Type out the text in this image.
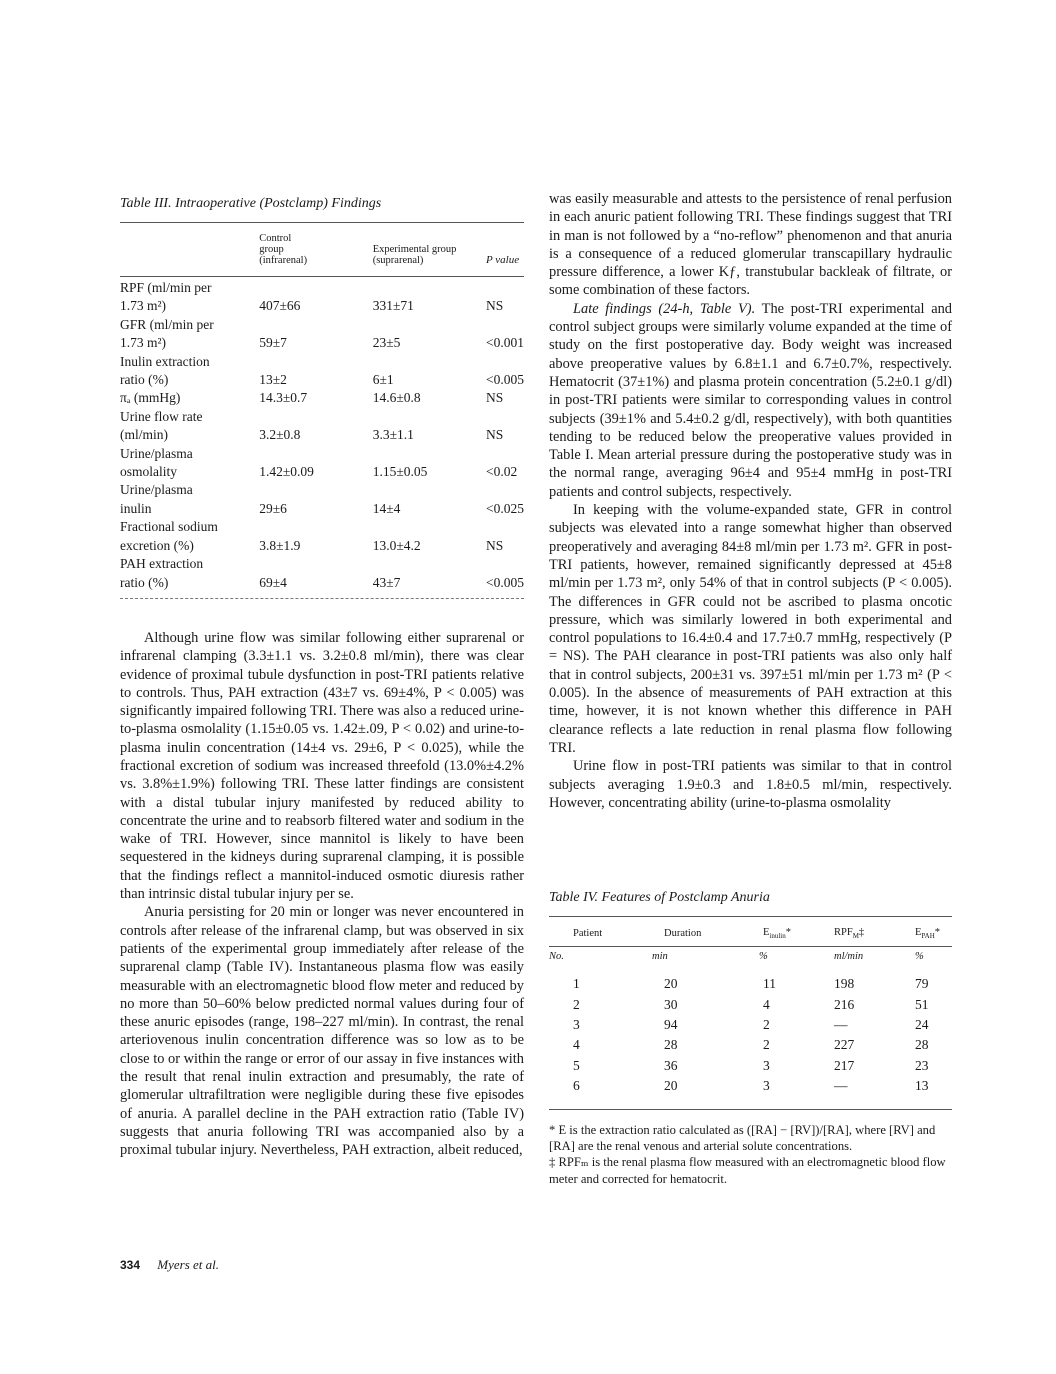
Table III. Intraoperative (Postclamp) Findings

	Control
group
(infrarenal)	Experimental group
(suprarenal)	P value
RPF (ml/min per			
1.73 m²)	407±66	331±71	NS
GFR (ml/min per			
1.73 m²)	59±7	23±5	<0.001
Inulin extraction			
ratio (%)	13±2	6±1	<0.005
πₐ (mmHg)	14.3±0.7	14.6±0.8	NS
Urine flow rate			
(ml/min)	3.2±0.8	3.3±1.1	NS
Urine/plasma			
osmolality	1.42±0.09	1.15±0.05	<0.02
Urine/plasma			
inulin	29±6	14±4	<0.025
Fractional sodium			
excretion (%)	3.8±1.9	13.0±4.2	NS
PAH extraction			
ratio (%)	69±4	43±7	<0.005

Although urine flow was similar following either suprarenal or infrarenal clamping (3.3±1.1 vs. 3.2±0.8 ml/min), there was clear evidence of proximal tubule dysfunction in post-TRI patients relative to controls. Thus, PAH extraction (43±7 vs. 69±4%, P < 0.005) was significantly impaired following TRI. There was also a reduced urine-to-plasma osmolality (1.15±0.05 vs. 1.42±.09, P < 0.02) and urine-to-plasma inulin concentration (14±4 vs. 29±6, P < 0.025), while the fractional excretion of sodium was increased threefold (13.0%±4.2% vs. 3.8%±1.9%) following TRI. These latter findings are consistent with a distal tubular injury manifested by reduced ability to concentrate the urine and to reabsorb filtered water and sodium in the wake of TRI. However, since mannitol is likely to have been sequestered in the kidneys during suprarenal clamping, it is possible that the findings reflect a mannitol-induced osmotic diuresis rather than intrinsic distal tubular injury per se.

Anuria persisting for 20 min or longer was never encountered in controls after release of the infrarenal clamp, but was observed in six patients of the experimental group immediately after release of the suprarenal clamp (Table IV). Instantaneous plasma flow was easily measurable with an electromagnetic blood flow meter and reduced by no more than 50–60% below predicted normal values during four of these anuric episodes (range, 198–227 ml/min). In contrast, the renal arteriovenous inulin concentration difference was so low as to be close to or within the range or error of our assay in five instances with the result that renal inulin extraction and presumably, the rate of glomerular ultrafiltration were negligible during these five episodes of anuria. A parallel decline in the PAH extraction ratio (Table IV) suggests that anuria following TRI was accompanied also by a proximal tubular injury. Nevertheless, PAH extraction, albeit reduced,

was easily measurable and attests to the persistence of renal perfusion in each anuric patient following TRI. These findings suggest that TRI in man is not followed by a “no-reflow” phenomenon and that anuria is a consequence of a reduced glomerular transcapillary hydraulic pressure difference, a lower Kƒ, transtubular backleak of filtrate, or some combination of these factors.

Late findings (24-h, Table V). The post-TRI experimental and control subject groups were similarly volume expanded at the time of study on the first postoperative day. Body weight was increased above preoperative values by 6.8±1.1 and 6.7±0.7%, respectively. Hematocrit (37±1%) and plasma protein concentration (5.2±0.1 g/dl) in post-TRI patients were similar to corresponding values in control subjects (39±1% and 5.4±0.2 g/dl, respectively), with both quantities tending to be reduced below the preoperative values provided in Table I. Mean arterial pressure during the postoperative study was in the normal range, averaging 96±4 and 95±4 mmHg in post-TRI patients and control subjects, respectively.

In keeping with the volume-expanded state, GFR in control subjects was elevated into a range somewhat higher than observed preoperatively and averaging 84±8 ml/min per 1.73 m². GFR in post-TRI patients, however, remained significantly depressed at 45±8 ml/min per 1.73 m², only 54% of that in control subjects (P < 0.005). The differences in GFR could not be ascribed to plasma oncotic pressure, which was similarly lowered in both experimental and control populations to 16.4±0.4 and 17.7±0.7 mmHg, respectively (P = NS). The PAH clearance in post-TRI patients was also only half that in control subjects, 200±31 vs. 397±51 ml/min per 1.73 m² (P < 0.005). In the absence of measurements of PAH extraction at this time, however, it is not known whether this difference in PAH clearance reflects a late reduction in renal plasma flow following TRI.

Urine flow in post-TRI patients was similar to that in control subjects averaging 1.9±0.3 and 1.8±0.5 ml/min, respectively. However, concentrating ability (urine-to-plasma osmolality

Table IV. Features of Postclamp Anuria

Patient	Duration	$E_{inulin}*$	$RPF_M\ddagger$	$E_{PAH}*$
No.	min	%	ml/min	%
1	20	11	198	79
2	30	4	216	51
3	94	2	—	24
4	28	2	227	28
5	36	3	217	23
6	20	3	—	13

* E is the extraction ratio calculated as ([RA] − [RV])/[RA], where [RV] and [RA] are the renal venous and arterial solute concentrations.

‡ RPFₘ is the renal plasma flow measured with an electromagnetic blood flow meter and corrected for hematocrit.

334 Myers et al.
